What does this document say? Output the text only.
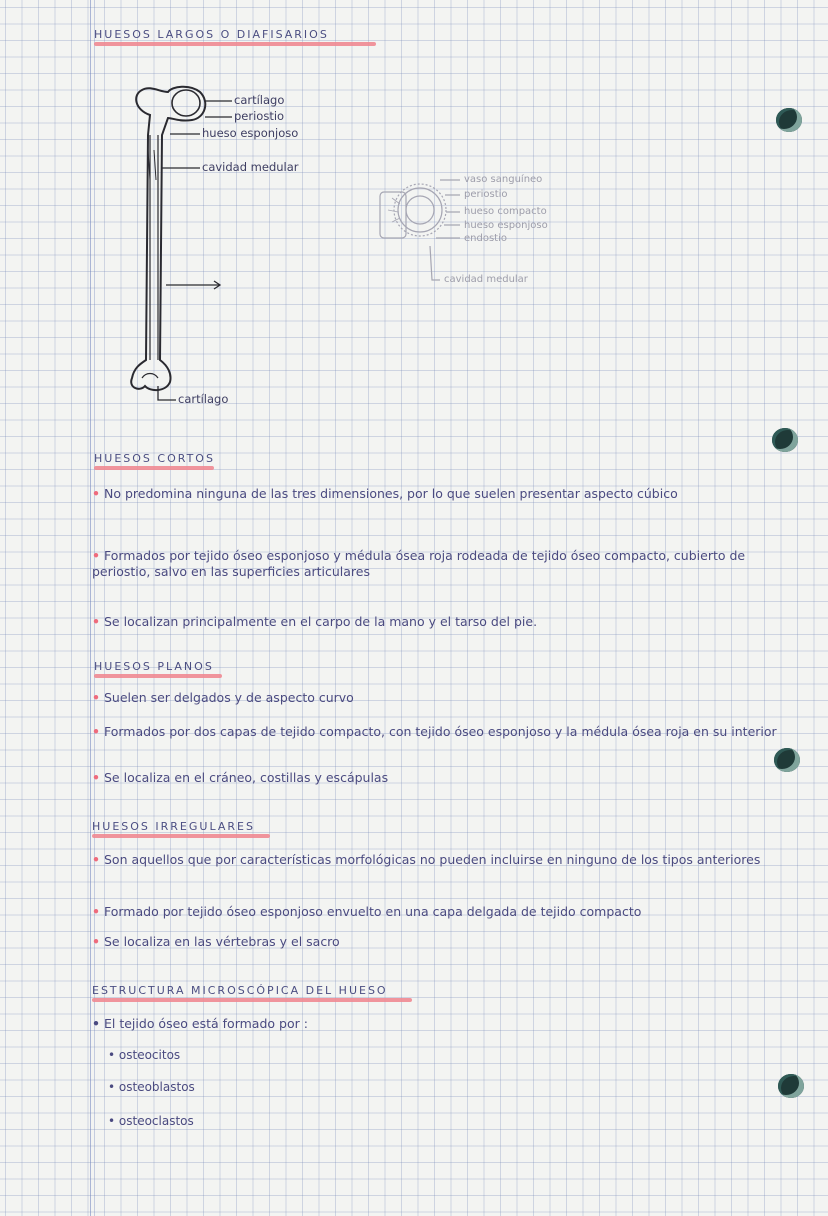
HUESOS LARGOS O DIAFISARIOS
cartílago
periostio
hueso esponjoso
cavidad medular
cartílago
vaso sanguíneo
periostio
hueso compacto
hueso esponjoso
endostio
cavidad medular
HUESOS CORTOS
• No predomina ninguna de las tres dimensiones, por lo que suelen presentar aspecto cúbico
• Formados por tejido óseo esponjoso y médula ósea roja rodeada de tejido óseo compacto, cubierto de periostio, salvo en las superficies articulares
• Se localizan principalmente en el carpo de la mano y el tarso del pie.
HUESOS PLANOS
• Suelen ser delgados y de aspecto curvo
• Formados por dos capas de tejido compacto, con tejido óseo esponjoso y la médula ósea roja en su interior
• Se localiza en el cráneo, costillas y escápulas
HUESOS IRREGULARES
• Son aquellos que por características morfológicas no pueden incluirse en ninguno de los tipos anteriores
• Formado por tejido óseo esponjoso envuelto en una capa delgada de tejido compacto
• Se localiza en las vértebras y el sacro
ESTRUCTURA MICROSCÓPICA DEL HUESO
• El tejido óseo está formado por :
• osteocitos
• osteoblastos
• osteoclastos
